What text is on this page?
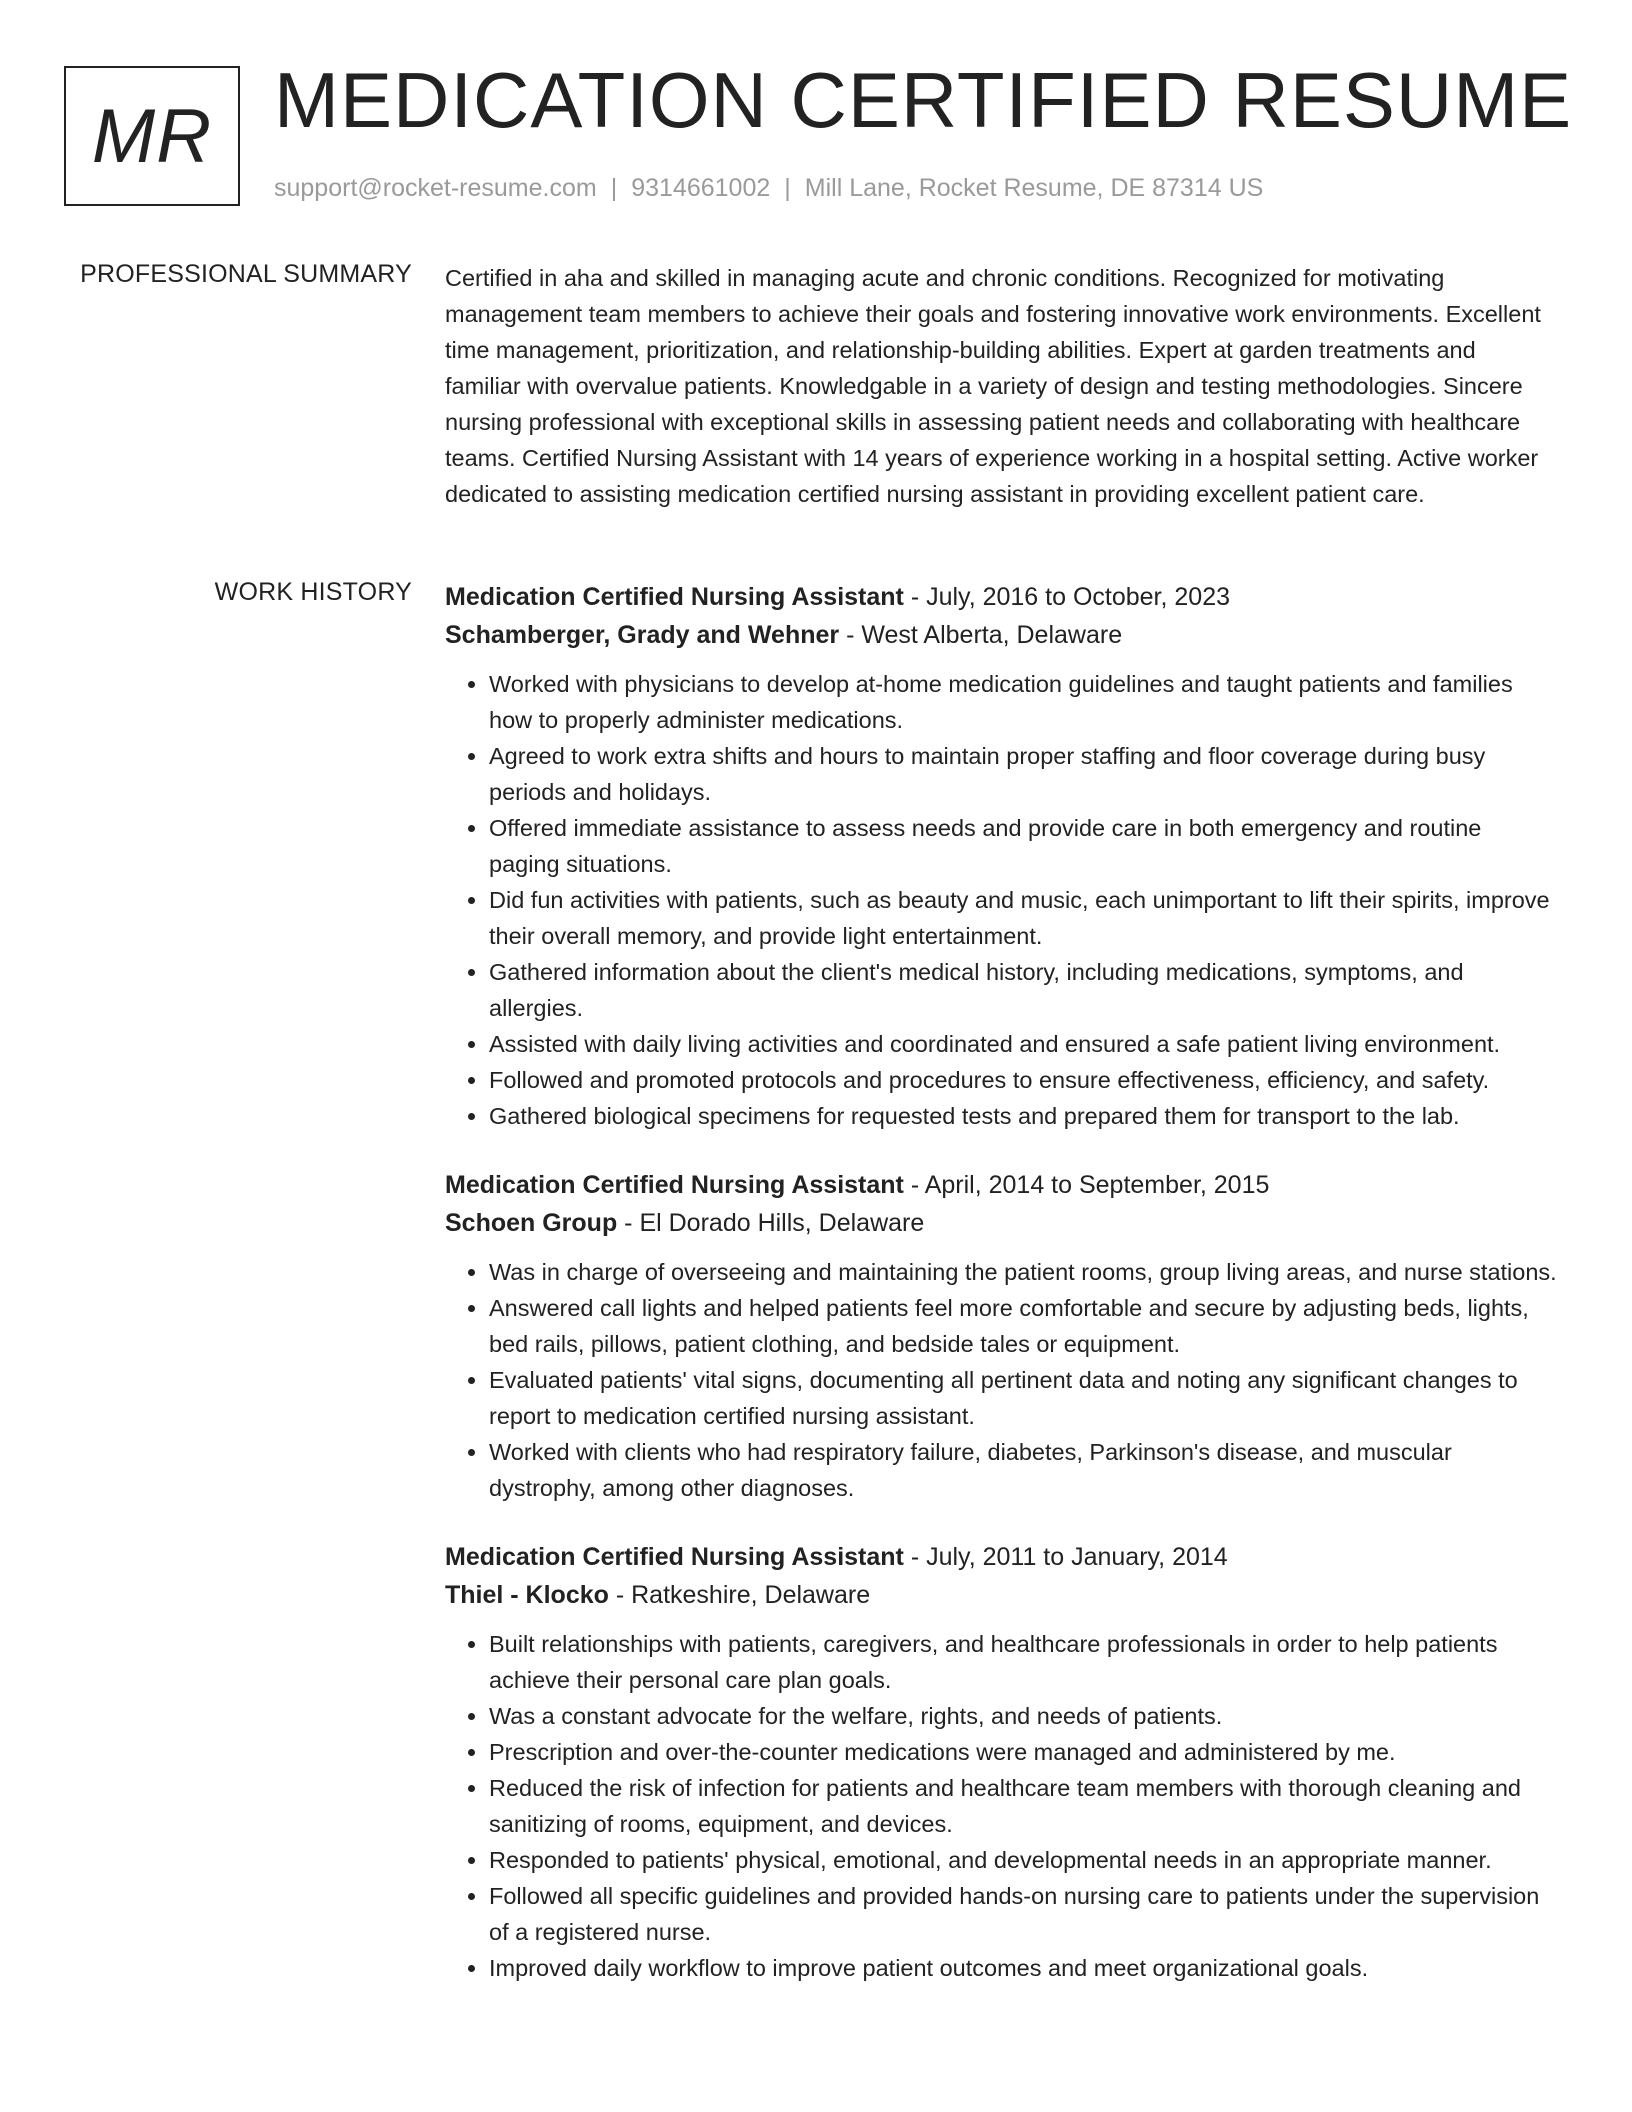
MR MEDICATION CERTIFIED RESUME
support@rocket-resume.com | 9314661002 | Mill Lane, Rocket Resume, DE 87314 US
PROFESSIONAL SUMMARY Certified in aha and skilled in managing acute and chronic conditions. Recognized for motivating management team members to achieve their goals and fostering innovative work environments. Excellent time management, prioritization, and relationship-building abilities. Expert at garden treatments and familiar with overvalue patients. Knowledgable in a variety of design and testing methodologies. Sincere nursing professional with exceptional skills in assessing patient needs and collaborating with healthcare teams. Certified Nursing Assistant with 14 years of experience working in a hospital setting. Active worker dedicated to assisting medication certified nursing assistant in providing excellent patient care.

WORK HISTORY Medication Certified Nursing Assistant - July, 2016 to October, 2023
Schamberger, Grady and Wehner - West Alberta, Delaware
• Worked with physicians to develop at-home medication guidelines and taught patients and families how to properly administer medications.
• Agreed to work extra shifts and hours to maintain proper staffing and floor coverage during busy periods and holidays.
• Offered immediate assistance to assess needs and provide care in both emergency and routine paging situations.
• Did fun activities with patients, such as beauty and music, each unimportant to lift their spirits, improve their overall memory, and provide light entertainment.
• Gathered information about the client's medical history, including medications, symptoms, and allergies.
• Assisted with daily living activities and coordinated and ensured a safe patient living environment.
• Followed and promoted protocols and procedures to ensure effectiveness, efficiency, and safety.
• Gathered biological specimens for requested tests and prepared them for transport to the lab.
Medication Certified Nursing Assistant - April, 2014 to September, 2015
Schoen Group - El Dorado Hills, Delaware
• Was in charge of overseeing and maintaining the patient rooms, group living areas, and nurse stations.
• Answered call lights and helped patients feel more comfortable and secure by adjusting beds, lights, bed rails, pillows, patient clothing, and bedside tales or equipment.
• Evaluated patients' vital signs, documenting all pertinent data and noting any significant changes to report to medication certified nursing assistant.
• Worked with clients who had respiratory failure, diabetes, Parkinson's disease, and muscular dystrophy, among other diagnoses.
Medication Certified Nursing Assistant - July, 2011 to January, 2014
Thiel - Klocko - Ratkeshire, Delaware
• Built relationships with patients, caregivers, and healthcare professionals in order to help patients achieve their personal care plan goals.
• Was a constant advocate for the welfare, rights, and needs of patients.
• Prescription and over-the-counter medications were managed and administered by me.
• Reduced the risk of infection for patients and healthcare team members with thorough cleaning and sanitizing of rooms, equipment, and devices.
• Responded to patients' physical, emotional, and developmental needs in an appropriate manner.
• Followed all specific guidelines and provided hands-on nursing care to patients under the supervision of a registered nurse.
• Improved daily workflow to improve patient outcomes and meet organizational goals.
